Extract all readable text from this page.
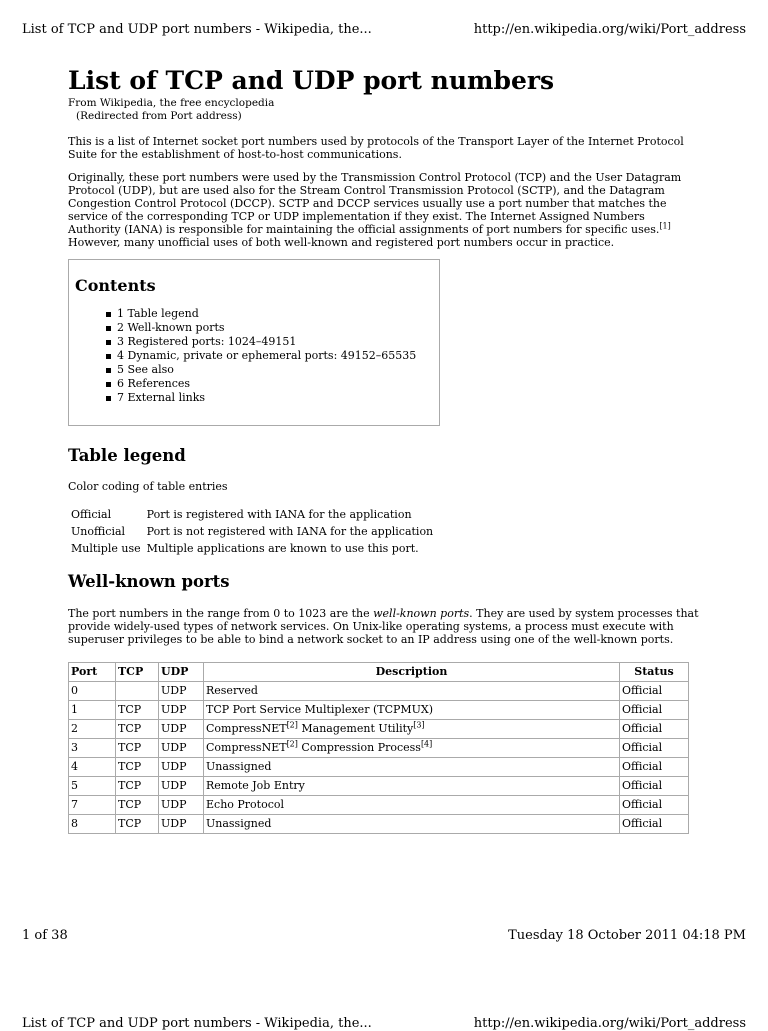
List of TCP and UDP port numbers - Wikipedia, the...	http://en.wikipedia.org/wiki/Port_address
List of TCP and UDP port numbers
From Wikipedia, the free encyclopedia
(Redirected from Port address)

This is a list of Internet socket port numbers used by protocols of the Transport Layer of the Internet Protocol Suite for the establishment of host-to-host communications.

Originally, these port numbers were used by the Transmission Control Protocol (TCP) and the User Datagram Protocol (UDP), but are used also for the Stream Control Transmission Protocol (SCTP), and the Datagram Congestion Control Protocol (DCCP). SCTP and DCCP services usually use a port number that matches the service of the corresponding TCP or UDP implementation if they exist. The Internet Assigned Numbers Authority (IANA) is responsible for maintaining the official assignments of port numbers for specific uses.[1] However, many unofficial uses of both well-known and registered port numbers occur in practice.

Contents
1 Table legend
2 Well-known ports
3 Registered ports: 1024–49151
4 Dynamic, private or ephemeral ports: 49152–65535
5 See also
6 References
7 External links
Table legend
Color coding of table entries
Official	Port is registered with IANA for the application
Unofficial	Port is not registered with IANA for the application
Multiple use	Multiple applications are known to use this port.
Well-known ports

The port numbers in the range from 0 to 1023 are the well-known ports. They are used by system processes that provide widely-used types of network services. On Unix-like operating systems, a process must execute with superuser privileges to be able to bind a network socket to an IP address using one of the well-known ports.

Port	TCP	UDP	Description	Status
0		UDP	Reserved	Official
1	TCP	UDP	TCP Port Service Multiplexer (TCPMUX)	Official
2	TCP	UDP	CompressNET[2] Management Utility[3]	Official
3	TCP	UDP	CompressNET[2] Compression Process[4]	Official
4	TCP	UDP	Unassigned	Official
5	TCP	UDP	Remote Job Entry	Official
7	TCP	UDP	Echo Protocol	Official
8	TCP	UDP	Unassigned	Official
1 of 38	Tuesday 18 October 2011 04:18 PM
List of TCP and UDP port numbers - Wikipedia, the...	http://en.wikipedia.org/wiki/Port_address
